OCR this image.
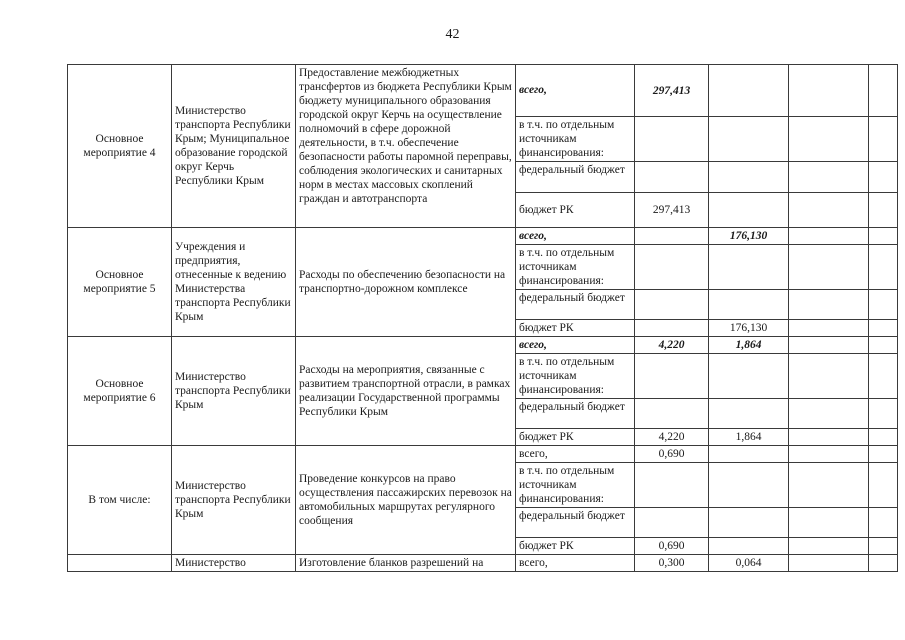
42
Основное мероприятие 4	Министерство транспорта Республики Крым; Муниципальное образование городской округ Керчь Республики Крым	Предоставление межбюджетных трансфертов из бюджета Республики Крым бюджету муниципального образования городской округ Керчь на осуществление полномочий в сфере дорожной деятельности, в т.ч. обеспечение безопасности работы паромной переправы, соблюдения экологических и санитарных норм в местах массовых скоплений граждан и автотранспорта	всего,	297,413			
			в т.ч. по отдельным источникам финансирования:				
			федеральный бюджет				
			бюджет РК	297,413			
Основное мероприятие 5	Учреждения и предприятия, отнесенные к ведению Министерства транспорта Республики Крым	Расходы по обеспечению безопасности на транспортно-дорожном комплексе	всего,		176,130		
			в т.ч. по отдельным источникам финансирования:				
			федеральный бюджет				
			бюджет РК		176,130		
Основное мероприятие 6	Министерство транспорта Республики Крым	Расходы на мероприятия, связанные с развитием транспортной отрасли, в рамках реализации Государственной программы Республики Крым	всего,	4,220	1,864		
			в т.ч. по отдельным источникам финансирования:				
			федеральный бюджет				
			бюджет РК	4,220	1,864		
В том числе:	Министерство транспорта Республики Крым	Проведение конкурсов на право осуществления пассажирских перевозок на автомобильных маршрутах регулярного сообщения	всего,	0,690			
			в т.ч. по отдельным источникам финансирования:				
			федеральный бюджет				
			бюджет РК	0,690			
	Министерство	Изготовление бланков разрешений на	всего,	0,300	0,064		
